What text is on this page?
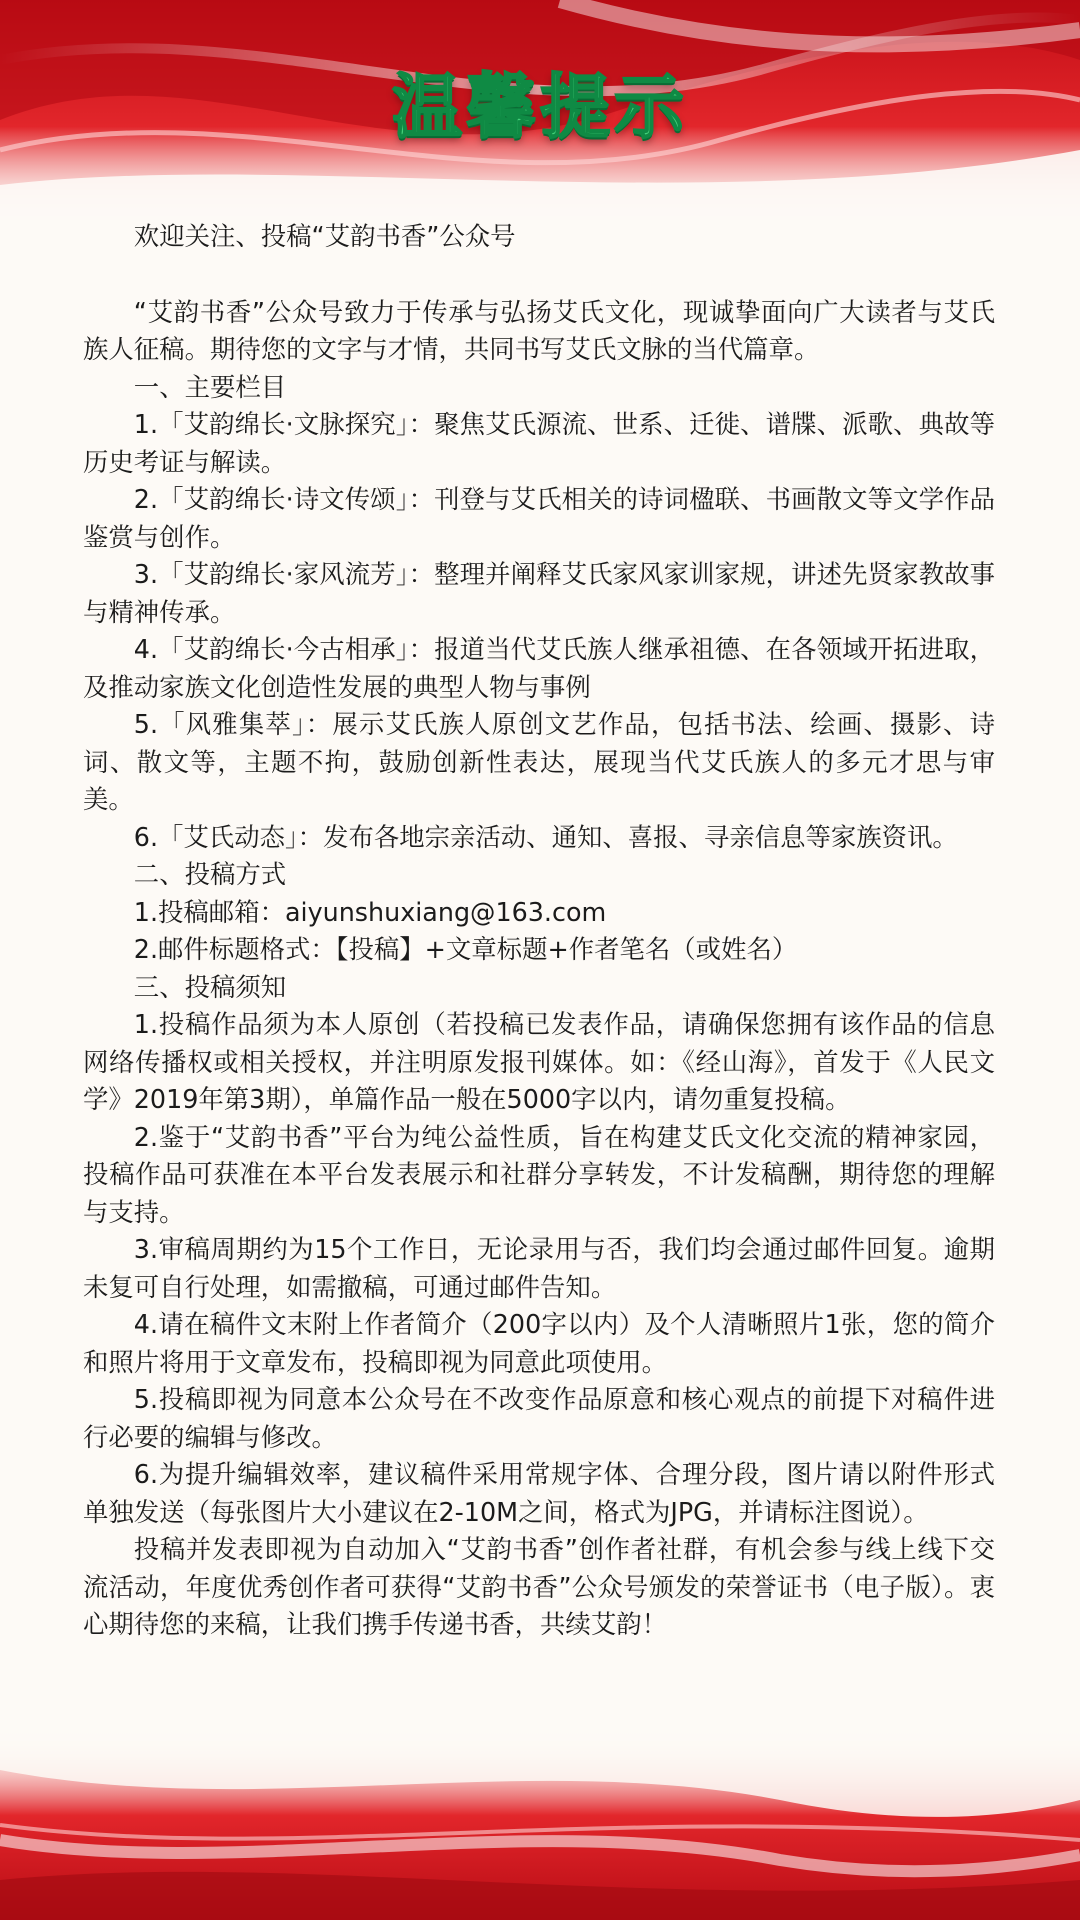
温馨提示

欢迎关注、投稿“艾韵书香”公众号

“艾韵书香”公众号致力于传承与弘扬艾氏文化，现诚挚面向广大读者与艾氏族人征稿。期待您的文字与才情，共同书写艾氏文脉的当代篇章。

一、主要栏目

1.「艾韵绵长·文脉探究」：聚焦艾氏源流、世系、迁徙、谱牒、派歌、典故等历史考证与解读。

2.「艾韵绵长·诗文传颂」：刊登与艾氏相关的诗词楹联、书画散文等文学作品鉴赏与创作。

3.「艾韵绵长·家风流芳」：整理并阐释艾氏家风家训家规，讲述先贤家教故事与精神传承。

4.「艾韵绵长·今古相承」：报道当代艾氏族人继承祖德、在各领域开拓进取，及推动家族文化创造性发展的典型人物与事例

5.「风雅集萃」：展示艾氏族人原创文艺作品，包括书法、绘画、摄影、诗词、散文等，主题不拘，鼓励创新性表达，展现当代艾氏族人的多元才思与审美。

6.「艾氏动态」：发布各地宗亲活动、通知、喜报、寻亲信息等家族资讯。

二、投稿方式

1.投稿邮箱：aiyunshuxiang@163.com

2.邮件标题格式：【投稿】+文章标题+作者笔名（或姓名）

三、投稿须知

1.投稿作品须为本人原创（若投稿已发表作品，请确保您拥有该作品的信息网络传播权或相关授权，并注明原发报刊媒体。如：《经山海》，首发于《人民文学》2019年第3期），单篇作品一般在5000字以内，请勿重复投稿。

2.鉴于“艾韵书香”平台为纯公益性质，旨在构建艾氏文化交流的精神家园，投稿作品可获准在本平台发表展示和社群分享转发，不计发稿酬，期待您的理解与支持。

3.审稿周期约为15个工作日，无论录用与否，我们均会通过邮件回复。逾期未复可自行处理，如需撤稿，可通过邮件告知。

4.请在稿件文末附上作者简介（200字以内）及个人清晰照片1张，您的简介和照片将用于文章发布，投稿即视为同意此项使用。

5.投稿即视为同意本公众号在不改变作品原意和核心观点的前提下对稿件进行必要的编辑与修改。

6.为提升编辑效率，建议稿件采用常规字体、合理分段，图片请以附件形式单独发送（每张图片大小建议在2-10M之间，格式为JPG，并请标注图说）。

投稿并发表即视为自动加入“艾韵书香”创作者社群，有机会参与线上线下交流活动，年度优秀创作者可获得“艾韵书香”公众号颁发的荣誉证书（电子版）。衷心期待您的来稿，让我们携手传递书香，共续艾韵！
